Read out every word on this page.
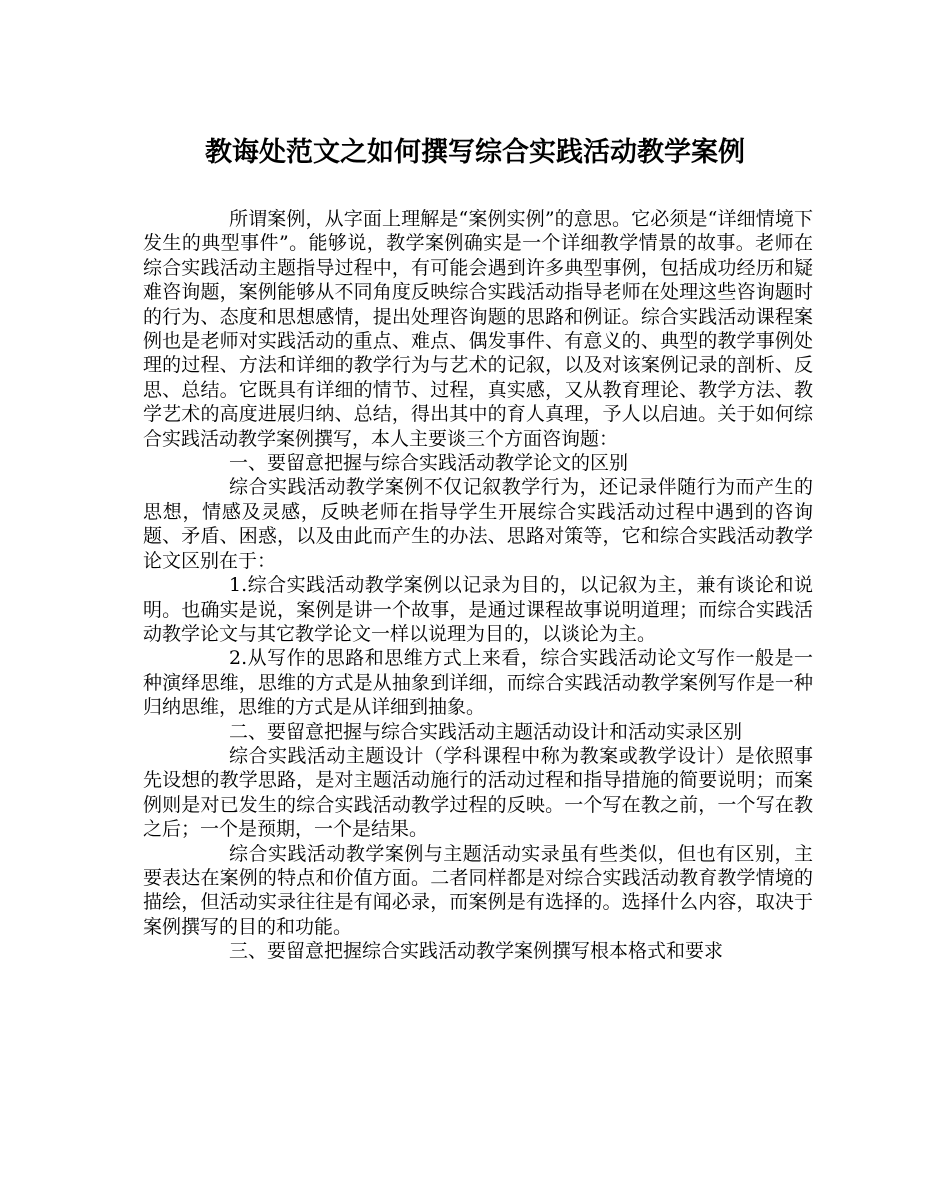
教诲处范文之如何撰写综合实践活动教学案例

所谓案例，从字面上理解是“案例实例”的意思。它必须是“详细情境下发生的典型事件”。能够说，教学案例确实是一个详细教学情景的故事。老师在综合实践活动主题指导过程中，有可能会遇到许多典型事例，包括成功经历和疑难咨询题，案例能够从不同角度反映综合实践活动指导老师在处理这些咨询题时的行为、态度和思想感情，提出处理咨询题的思路和例证。综合实践活动课程案例也是老师对实践活动的重点、难点、偶发事件、有意义的、典型的教学事例处理的过程、方法和详细的教学行为与艺术的记叙，以及对该案例记录的剖析、反思、总结。它既具有详细的情节、过程，真实感，又从教育理论、教学方法、教学艺术的高度进展归纳、总结，得出其中的育人真理，予人以启迪。关于如何综合实践活动教学案例撰写，本人主要谈三个方面咨询题：

一、要留意把握与综合实践活动教学论文的区别

综合实践活动教学案例不仅记叙教学行为，还记录伴随行为而产生的思想，情感及灵感，反映老师在指导学生开展综合实践活动过程中遇到的咨询题、矛盾、困惑，以及由此而产生的办法、思路对策等，它和综合实践活动教学论文区别在于：

1.综合实践活动教学案例以记录为目的，以记叙为主，兼有谈论和说明。也确实是说，案例是讲一个故事，是通过课程故事说明道理；而综合实践活动教学论文与其它教学论文一样以说理为目的，以谈论为主。

2.从写作的思路和思维方式上来看，综合实践活动论文写作一般是一种演绎思维，思维的方式是从抽象到详细，而综合实践活动教学案例写作是一种归纳思维，思维的方式是从详细到抽象。

二、要留意把握与综合实践活动主题活动设计和活动实录区别

综合实践活动主题设计（学科课程中称为教案或教学设计）是依照事先设想的教学思路，是对主题活动施行的活动过程和指导措施的简要说明；而案例则是对已发生的综合实践活动教学过程的反映。一个写在教之前，一个写在教之后；一个是预期，一个是结果。

综合实践活动教学案例与主题活动实录虽有些类似，但也有区别，主要表达在案例的特点和价值方面。二者同样都是对综合实践活动教育教学情境的描绘，但活动实录往往是有闻必录，而案例是有选择的。选择什么内容，取决于案例撰写的目的和功能。

三、要留意把握综合实践活动教学案例撰写根本格式和要求
